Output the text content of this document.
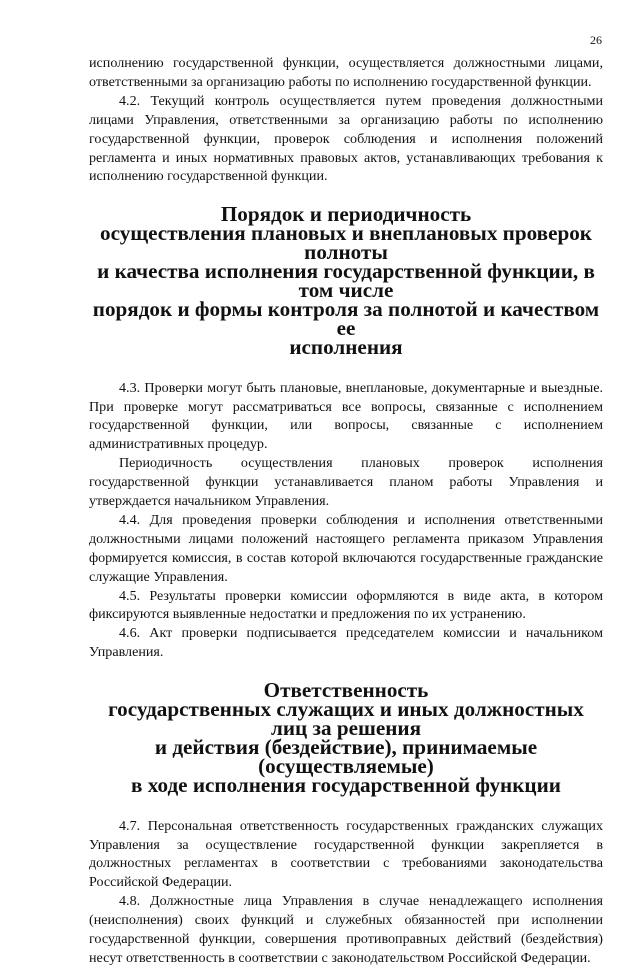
26

исполнению государственной функции, осуществляется должностными лицами, ответственными за организацию работы по исполнению государственной функции.

4.2. Текущий контроль осуществляется путем проведения должностными лицами Управления, ответственными за организацию работы по исполнению государственной функции, проверок соблюдения и исполнения положений регламента и иных нормативных правовых актов, устанавливающих требования к исполнению государственной функции.

Порядок и периодичность
осуществления плановых и внеплановых проверок полноты
и качества исполнения государственной функции, в том числе
порядок и формы контроля за полнотой и качеством ее
исполнения

4.3. Проверки могут быть плановые, внеплановые, документарные и выездные. При проверке могут рассматриваться все вопросы, связанные с исполнением государственной функции, или вопросы, связанные с исполнением административных процедур.

Периодичность осуществления плановых проверок исполнения государственной функции устанавливается планом работы Управления и утверждается начальником Управления.

4.4. Для проведения проверки соблюдения и исполнения ответственными должностными лицами положений настоящего регламента приказом Управления формируется комиссия, в состав которой включаются государственные гражданские служащие Управления.

4.5. Результаты проверки комиссии оформляются в виде акта, в котором фиксируются выявленные недостатки и предложения по их устранению.

4.6. Акт проверки подписывается председателем комиссии и начальником Управления.

Ответственность
государственных служащих и иных должностных лиц за решения
и действия (бездействие), принимаемые (осуществляемые)
в ходе исполнения государственной функции

4.7. Персональная ответственность государственных гражданских служащих Управления за осуществление государственной функции закрепляется в должностных регламентах в соответствии с требованиями законодательства Российской Федерации.

4.8. Должностные лица Управления в случае ненадлежащего исполнения (неисполнения) своих функций и служебных обязанностей при исполнении государственной функции, совершения противоправных действий (бездействия) несут ответственность в соответствии с законодательством Российской Федерации.
